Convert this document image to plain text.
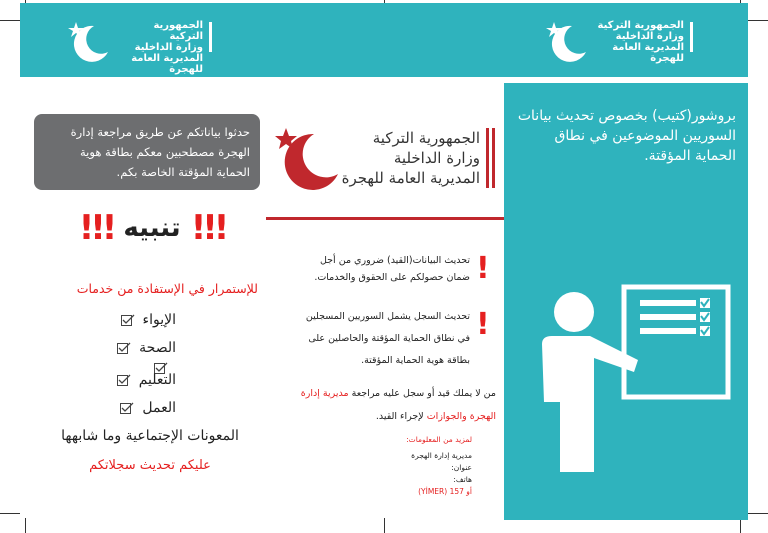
الجمهورية التركية
وزارة الداخلية
المديرية العامة للهجرة
الجمهورية التركية
وزارة الداخلية
المديرية العامة للهجرة
بروشور(كتيب) بخصوص تحديث بيانات السوريين الموضوعين في نطاق الحماية المؤقتة.
الجمهورية التركية
وزارة الداخلية
المديرية العامة للهجرة
!
تحديث البيانات(القيد) ضروري من أجل ضمان حصولكم على الحقوق والخدمات.
!
تحديث السجل يشمل السوريين المسجلين في نطاق الحماية المؤقتة والحاصلين على بطاقة هوية الحماية المؤقتة.
من لا يملك قيد أو سجل عليه مراجعة مديرية إدارة الهجرة والجوازات لإجراء القيد.
لمزيد من المعلومات:
مديرية إدارة الهجرة
عنوان:
هاتف:
أو 157 (YİMER)
حدثوا بياناتكم عن طريق مراجعة إدارة الهجرة مصطحبين معكم بطاقة هوية الحماية المؤقتة الخاصة بكم.
!!! تنبيه !!!
للإستمرار في الإستفادة من خدمات
الإيواء
الصحة
التعليم
العمل
المعونات الإجتماعية وما شابهها
عليكم تحديث سجلاتكم
